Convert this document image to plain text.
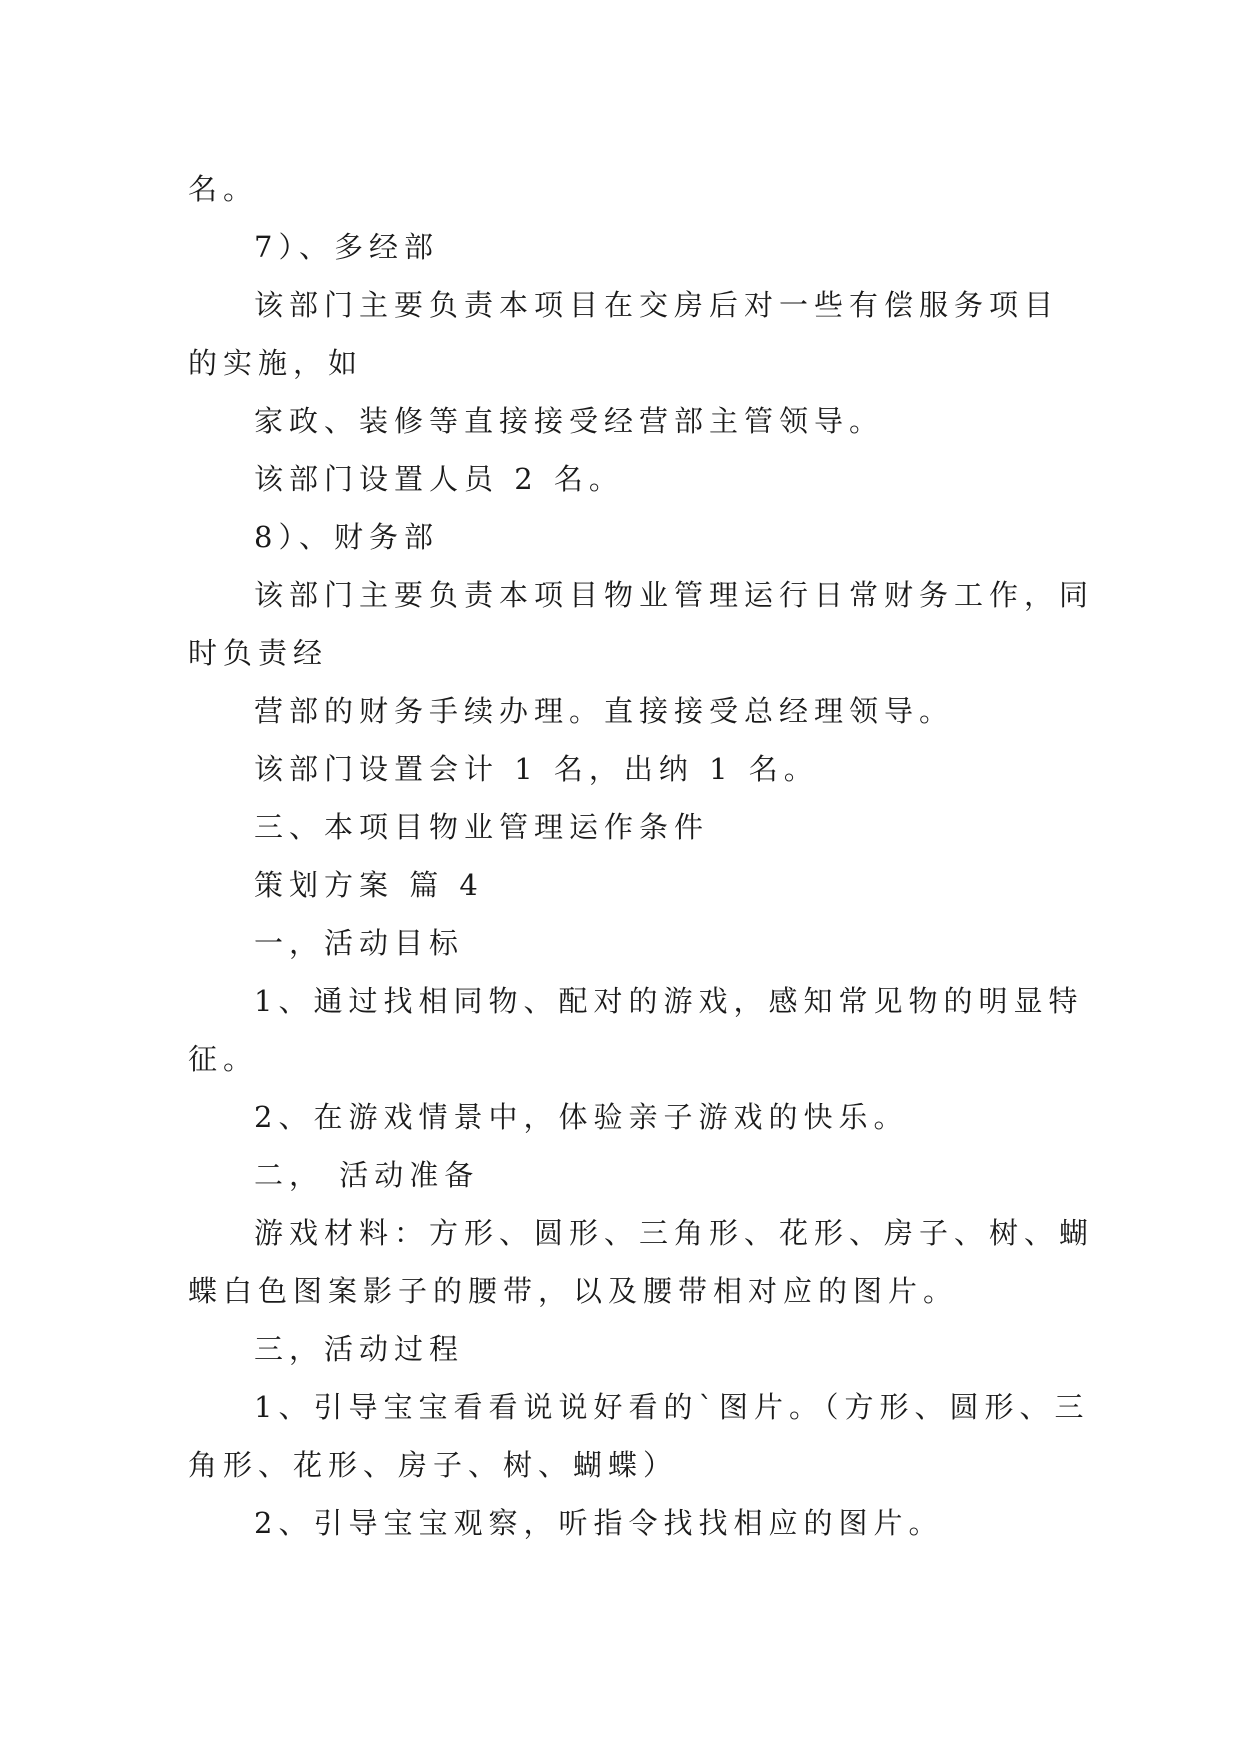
名。
7）、多经部
该部门主要负责本项目在交房后对一些有偿服务项目
的实施，如
家政、装修等直接接受经营部主管领导。
该部门设置人员 2 名。
8）、财务部
该部门主要负责本项目物业管理运行日常财务工作，同
时负责经
营部的财务手续办理。直接接受总经理领导。
该部门设置会计 1 名，出纳 1 名。
三、本项目物业管理运作条件
策划方案 篇 4
一，活动目标
1、通过找相同物、配对的游戏，感知常见物的明显特
征。
2、在游戏情景中，体验亲子游戏的快乐。
二， 活动准备
游戏材料：方形、圆形、三角形、花形、房子、树、蝴
蝶白色图案影子的腰带，以及腰带相对应的图片。
三，活动过程
1、引导宝宝看看说说好看的`图片。（方形、圆形、三
角形、花形、房子、树、蝴蝶）
2、引导宝宝观察，听指令找找相应的图片。
